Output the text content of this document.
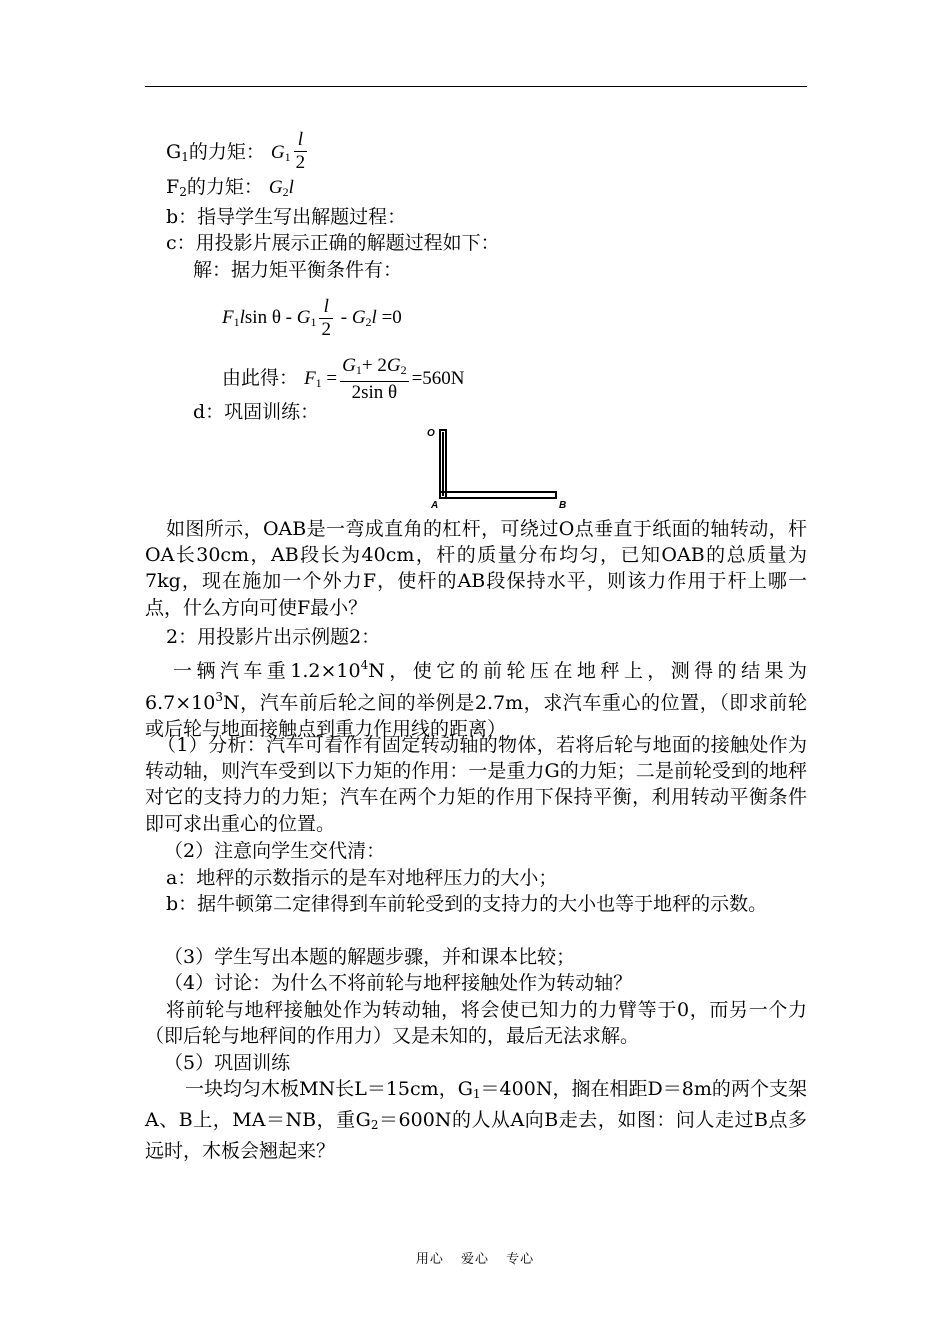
$G_1$的力矩： $G_1 \frac{l}{2}$
$F_2$的力矩： $G_2l$
b：指导学生写出解题过程：
c：用投影片展示正确的解题过程如下：
解：据力矩平衡条件有：
$F_1lsin$ $\theta - G_1 \frac{l}{2} - G_2l =0$
由此得： $F_1 = \frac{G_1+ 2G_2}{\text{2sin θ}} =560N$
d：巩固训练：
O
A	B
如图所示，OAB是一弯成直角的杠杆，可绕过O点垂直于纸面的轴转动，杆OA长30cm，AB段长为40cm，杆的质量分布均匀，已知OAB的总质量为7kg，现在施加一个外力F，使杆的AB段保持水平，则该力作用于杆上哪一点，什么方向可使F最小？
2：用投影片出示例题2：
一辆汽车重$1.2\times 10^4N$，使它的前轮压在地秤上，测得的结果为$6.7\times 10^3N$，汽车前后轮之间的举例是2.7m，求汽车重心的位置，（即求前轮或后轮与地面接触点到重力作用线的距离）
（1）分析：汽车可看作有固定转动轴的物体，若将后轮与地面的接触处作为转动轴，则汽车受到以下力矩的作用：一是重力G的力矩；二是前轮受到的地秤对它的支持力的力矩；汽车在两个力矩的作用下保持平衡，利用转动平衡条件即可求出重心的位置。
（2）注意向学生交代清：
a：地秤的示数指示的是车对地秤压力的大小；
b：据牛顿第二定律得到车前轮受到的支持力的大小也等于地秤的示数。
（3）学生写出本题的解题步骤，并和课本比较；
（4）讨论：为什么不将前轮与地秤接触处作为转动轴？
将前轮与地秤接触处作为转动轴，将会使已知力的力臂等于0，而另一个力（即后轮与地秤间的作用力）又是未知的，最后无法求解。
（5）巩固训练
一块均匀木板MN长L＝15cm，$G_1=400N$，搁在相距D＝8m的两个支架A、B上，MA＝NB，重$G_2=600N$的人从A向B走去，如图：问人走过B点多远时，木板会翘起来？
用心 爱心 专心
